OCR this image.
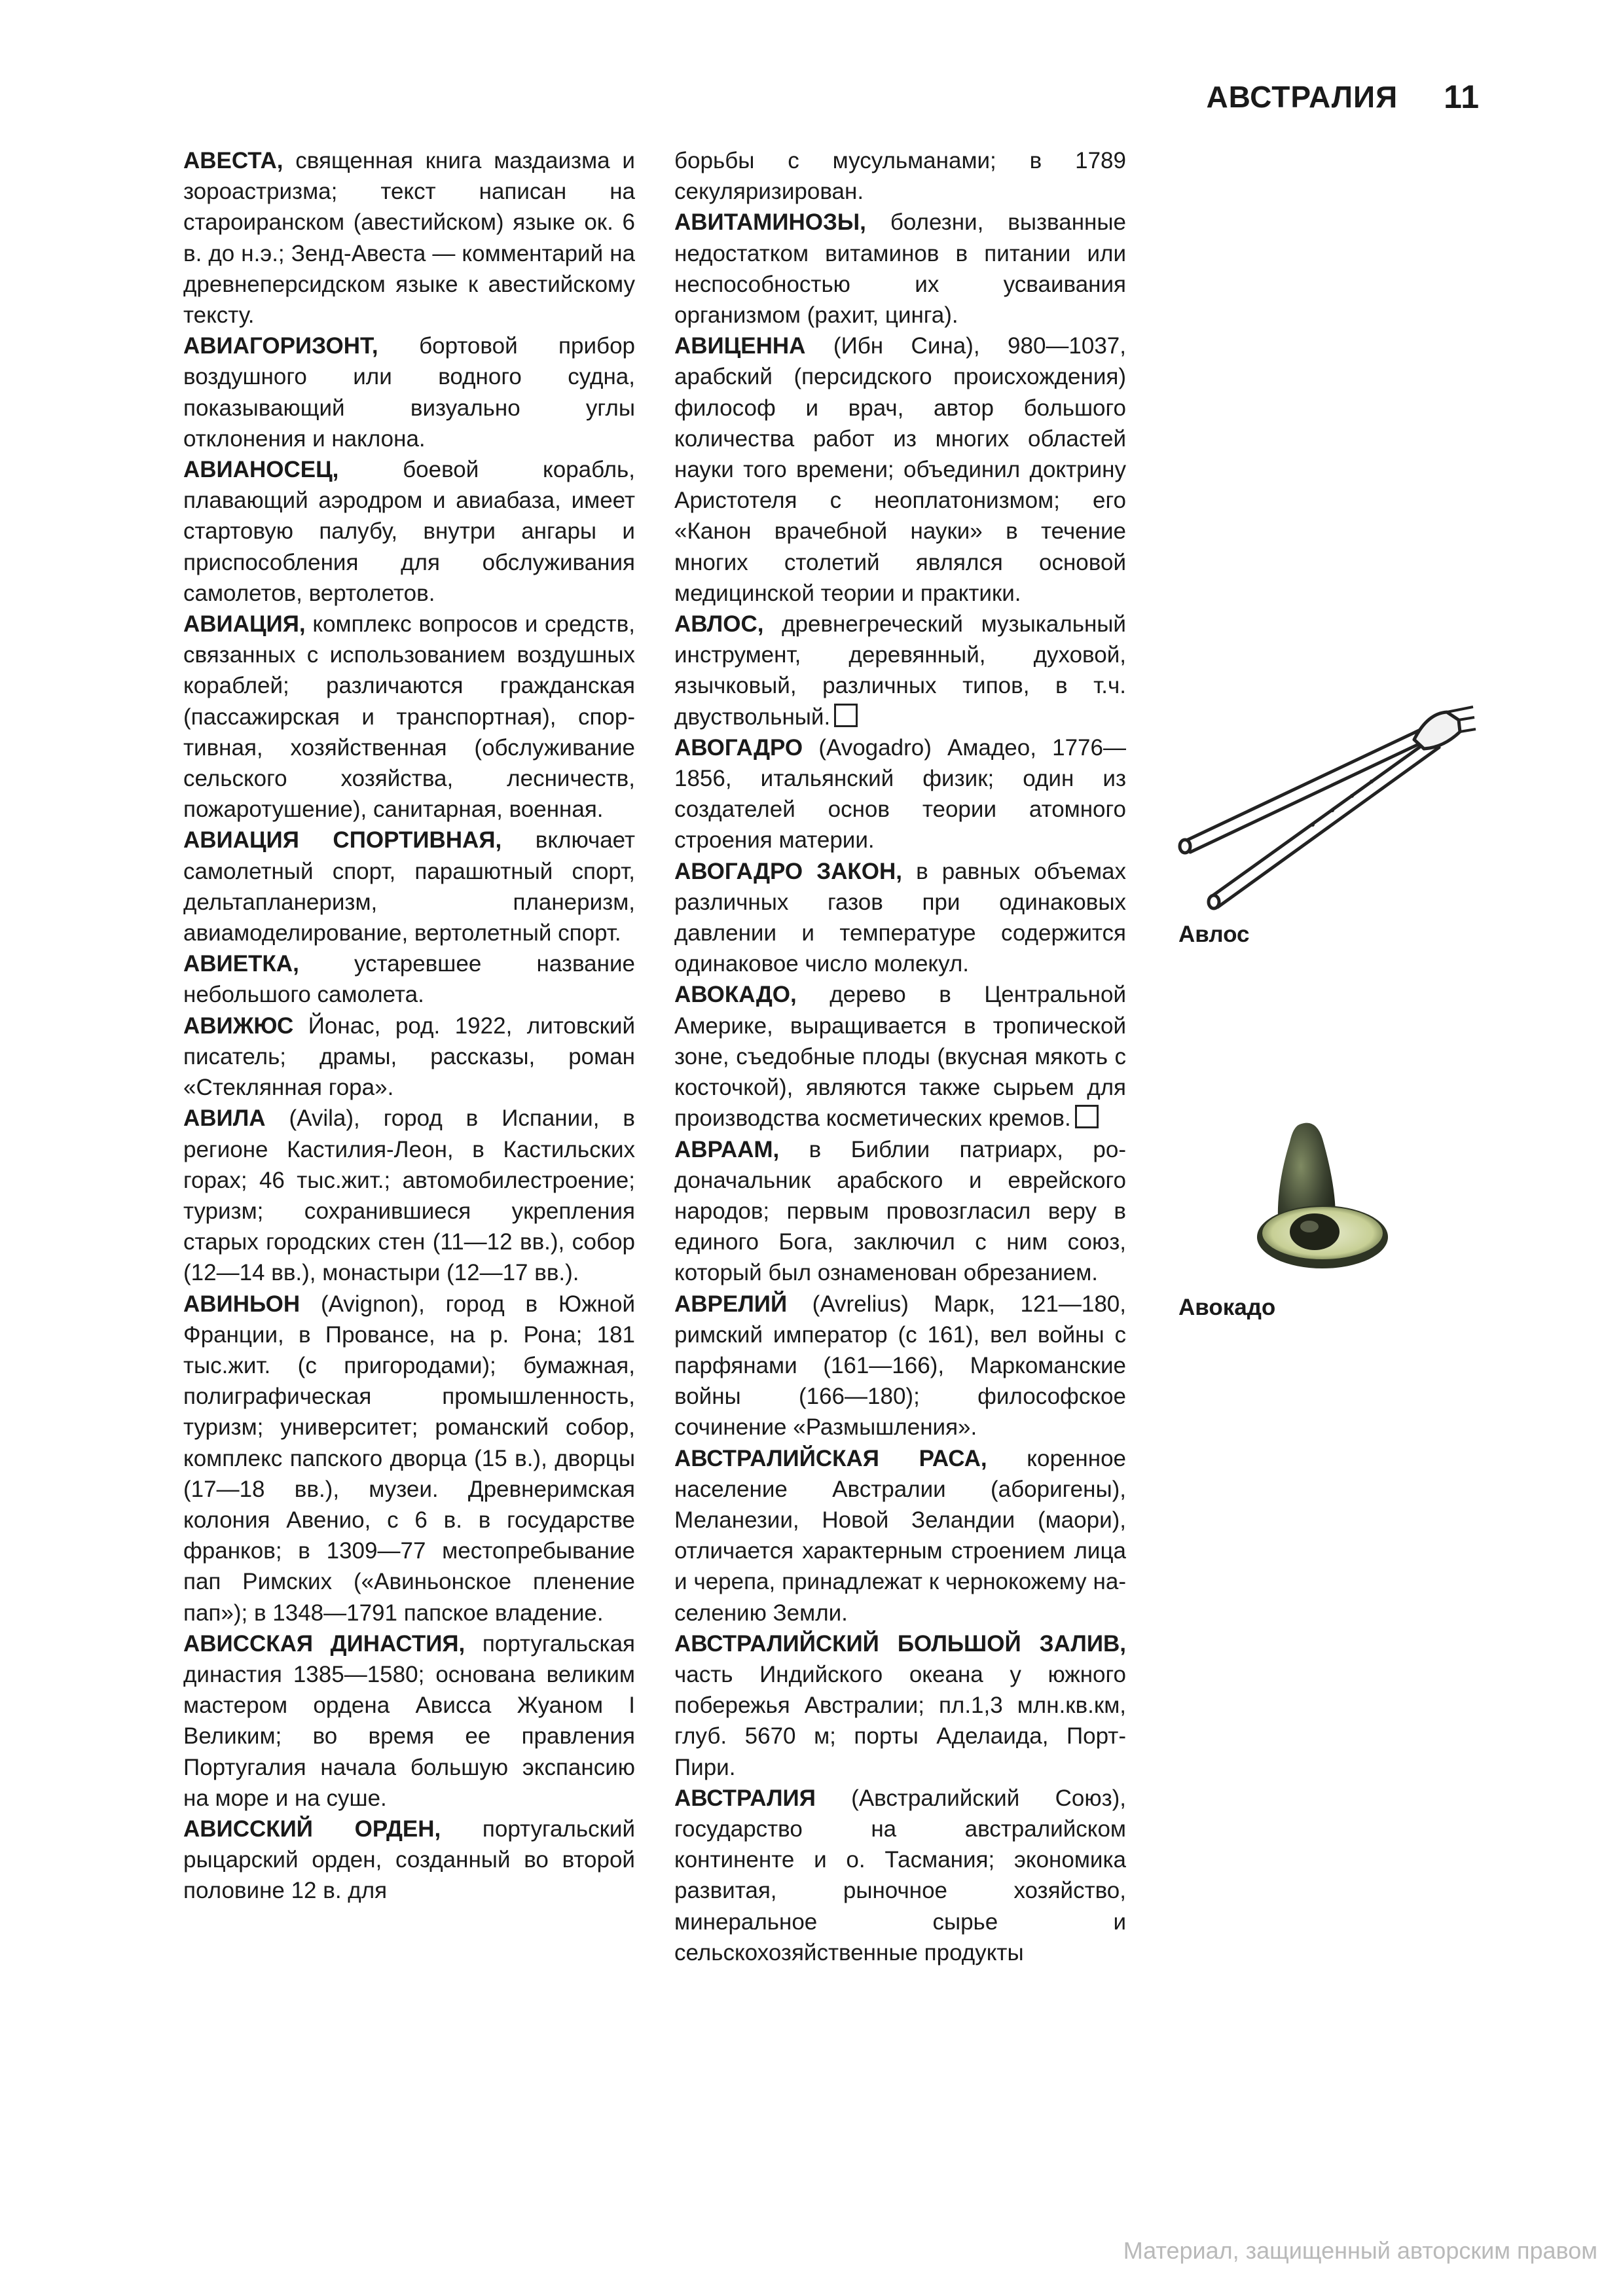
АВСТРАЛИЯ 11

АВЕСТА, священная книга маздаизма и зороастризма; текст написан на староиранском (авестийском) языке ок. 6 в. до н.э.; Зенд-Авеста — комментарий на древнеперсидском языке к авестийскому тексту.

АВИАГОРИЗОНТ, бортовой прибор воздушного или водного судна, показывающий визуально углы отклонения и наклона.

АВИАНОСЕЦ, боевой корабль, плавающий аэродром и авиабаза, имеет стартовую палубу, внутри ангары и приспособления для обслуживания самолетов, вертолетов.

АВИАЦИЯ, комплекс вопросов и средств, связанных с использованием воздушных кораблей; различаются гражданская (пассажирская и транспортная), спортивная, хозяйственная (обслуживание сельского хозяйства, лесничеств, пожаротушение), санитарная, военная.

АВИАЦИЯ СПОРТИВНАЯ, включает самолетный спорт, парашютный спорт, дельтапланеризм, планеризм, авиамоделирование, вертолетный спорт.

АВИЕТКА, устаревшее название небольшого самолета.

АВИЖЮС Йонас, род. 1922, литовский писатель; драмы, рассказы, роман «Стеклянная гора».

АВИЛА (Avila), город в Испании, в регионе Кастилия-Леон, в Кастильских горах; 46 тыс.жит.; автомобилестроение; туризм; сохранившиеся укрепления старых городских стен (11—12 вв.), собор (12—14 вв.), монастыри (12—17 вв.).

АВИНЬОН (Avignon), город в Южной Франции, в Провансе, на р. Рона; 181 тыс.жит. (с пригородами); бумажная, полиграфическая промышленность, туризм; университет; романский собор, комплекс папского дворца (15 в.), дворцы (17—18 вв.), музеи. Древнеримская колония Авенио, с 6 в. в государстве франков; в 1309—77 местопребывание пап Римских («Авиньонское пленение пап»); в 1348—1791 папское владение.

АВИССКАЯ ДИНАСТИЯ, португальская династия 1385—1580; основана великим мастером ордена Ависса Жуаном I Великим; во время ее правления Португалия начала большую экспансию на море и на суше.

АВИССКИЙ ОРДЕН, португальский рыцарский орден, созданный во второй половине 12 в. для

борьбы с мусульманами; в 1789 секуляризирован.

АВИТАМИНОЗЫ, болезни, вызванные недостатком витаминов в питании или неспособностью их усваивания организмом (рахит, цинга).

АВИЦЕННА (Ибн Сина), 980—1037, арабский (персидского происхождения) философ и врач, автор большого количества работ из многих областей науки того времени; объединил доктрину Аристотеля с неоплатонизмом; его «Канон врачебной науки» в течение многих столетий являлся основой медицинской теории и практики.

АВЛОС, древнегреческий музыкальный инструмент, деревянный, духовой, язычковый, различных типов, в т.ч. двуствольный.

АВОГАДРО (Avogadro) Амадео, 1776—1856, итальянский физик; один из создателей основ теории атомного строения материи.

АВОГАДРО ЗАКОН, в равных объемах различных газов при одинаковых давлении и температуре содержится одинаковое число молекул.

АВОКАДО, дерево в Центральной Америке, выращивается в тропической зоне, съедобные плоды (вкусная мякоть с косточкой), являются также сырьем для производства косметических кремов.

АВРААМ, в Библии патриарх, родоначальник арабского и еврейского народов; первым провозгласил веру в единого Бога, заключил с ним союз, который был ознаменован обрезанием.

АВРЕЛИЙ (Avrelius) Марк, 121—180, римский император (с 161), вел войны с парфянами (161—166), Маркоманские войны (166—180); философское сочинение «Размышления».

АВСТРАЛИЙСКАЯ РАСА, коренное население Австралии (аборигены), Меланезии, Новой Зеландии (маори), отличается характерным строением лица и черепа, принадлежат к чернокожему населению Земли.

АВСТРАЛИЙСКИЙ БОЛЬШОЙ ЗАЛИВ, часть Индийского океана у южного побережья Австралии; пл.1,3 млн.кв.км, глуб. 5670 м; порты Аделаида, Порт-Пири.

АВСТРАЛИЯ (Австралийский Союз), государство на австралийском континенте и о. Тасмания; экономика развитая, рыночное хозяйство, минеральное сырье и сельскохозяйственные продукты

Авлос
Авокадо
Материал, защищенный авторским правом
